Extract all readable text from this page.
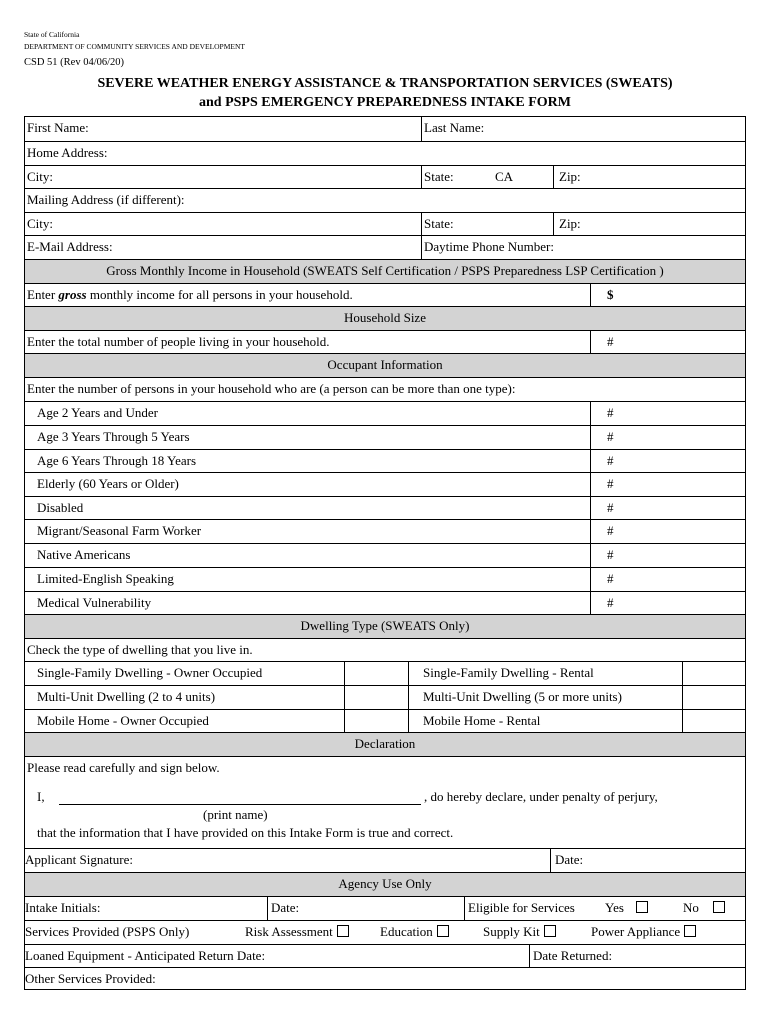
State of California
DEPARTMENT OF COMMUNITY SERVICES AND DEVELOPMENT
CSD 51 (Rev 04/06/20)
SEVERE WEATHER ENERGY ASSISTANCE & TRANSPORTATION SERVICES (SWEATS)
and PSPS EMERGENCY PREPAREDNESS INTAKE FORM
First Name:	Last Name:
Home Address:
City:	State:	CA	Zip:
Mailing Address (if different):
City:	State:	Zip:
E-Mail Address:	Daytime Phone Number:
Gross Monthly Income in Household (SWEATS Self Certification / PSPS Preparedness LSP Certification )
Enter gross monthly income for all persons in your household.	$
Household Size
Enter the total number of people living in your household.	#
Occupant Information
Enter the number of persons in your household who are (a person can be more than one type):
Age 2 Years and Under	#
Age 3 Years Through 5 Years	#
Age 6 Years Through 18 Years	#
Elderly (60 Years or Older)	#
Disabled	#
Migrant/Seasonal Farm Worker	#
Native Americans	#
Limited-English Speaking	#
Medical Vulnerability	#
Dwelling Type (SWEATS Only)
Check the type of dwelling that you live in.
Single-Family Dwelling - Owner Occupied	Single-Family Dwelling - Rental
Multi-Unit Dwelling (2 to 4 units)	Multi-Unit Dwelling (5 or more units)
Mobile Home - Owner Occupied	Mobile Home - Rental
Declaration
Please read carefully and sign below.
I,	, do hereby declare, under penalty of perjury,
(print name)
that the information that I have provided on this Intake Form is true and correct.
Applicant Signature:	Date:
Agency Use Only
Intake Initials:	Date:	Eligible for Services Yes	No
Services Provided (PSPS Only)	Risk Assessment	Education	Supply Kit	Power Appliance
Loaned Equipment - Anticipated Return Date:	Date Returned:
Other Services Provided:
